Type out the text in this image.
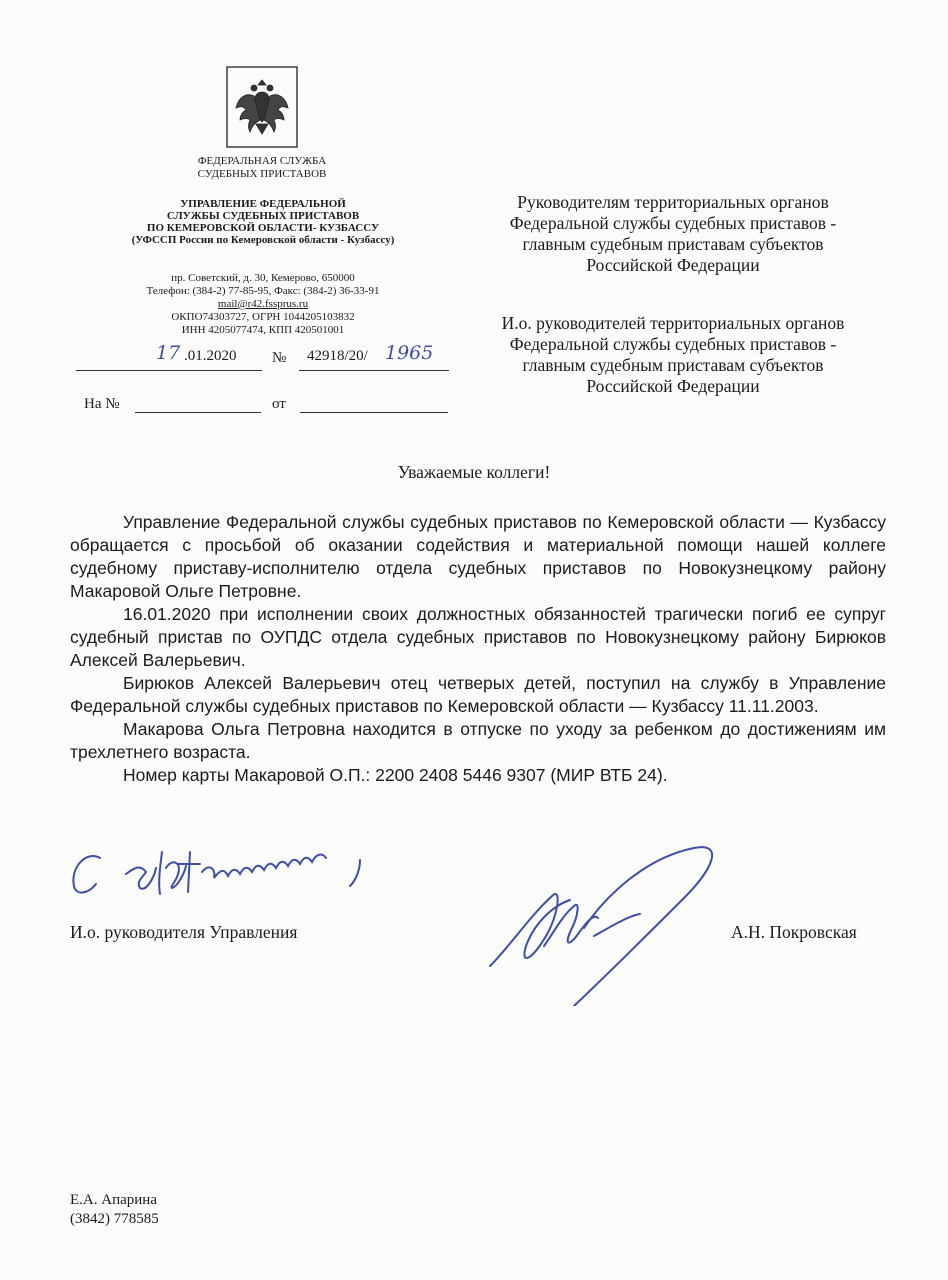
ФЕДЕРАЛЬНАЯ СЛУЖБА
СУДЕБНЫХ ПРИСТАВОВ
УПРАВЛЕНИЕ ФЕДЕРАЛЬНОЙ
СЛУЖБЫ СУДЕБНЫХ ПРИСТАВОВ
ПО КЕМЕРОВСКОЙ ОБЛАСТИ- КУЗБАССУ
(УФССП России по Кемеровской области - Кузбассу)
пр. Советский, д. 30, Кемерово, 650000
Телефон: (384-2) 77-85-95, Факс: (384-2) 36-33-91
mail@r42.fssprus.ru
ОКПО74303727, ОГРН 1044205103832
ИНН 4205077474, КПП 420501001
17 .01.2020 № 42918/20/ 1965
На №	от
Руководителям территориальных органов
Федеральной службы судебных приставов -
главным судебным приставам субъектов
Российской Федерации
И.о. руководителей территориальных органов
Федеральной службы судебных приставов -
главным судебным приставам субъектов
Российской Федерации
Уважаемые коллеги!

Управление Федеральной службы судебных приставов по Кемеровской области — Кузбассу обращается с просьбой об оказании содействия и материальной помощи нашей коллеге судебному приставу-исполнителю отдела судебных приставов по Новокузнецкому району Макаровой Ольге Петровне.

16.01.2020 при исполнении своих должностных обязанностей трагически погиб ее супруг судебный пристав по ОУПДС отдела судебных приставов по Новокузнецкому району Бирюков Алексей Валерьевич.

Бирюков Алексей Валерьевич отец четверых детей, поступил на службу в Управление Федеральной службы судебных приставов по Кемеровской области — Кузбассу 11.11.2003.

Макарова Ольга Петровна находится в отпуске по уходу за ребенком до достижениям им трехлетнего возраста.

Номер карты Макаровой О.П.: 2200 2408 5446 9307 (МИР ВТБ 24).

И.о. руководителя Управления	А.Н. Покровская
Е.А. Апарина
(3842) 778585
